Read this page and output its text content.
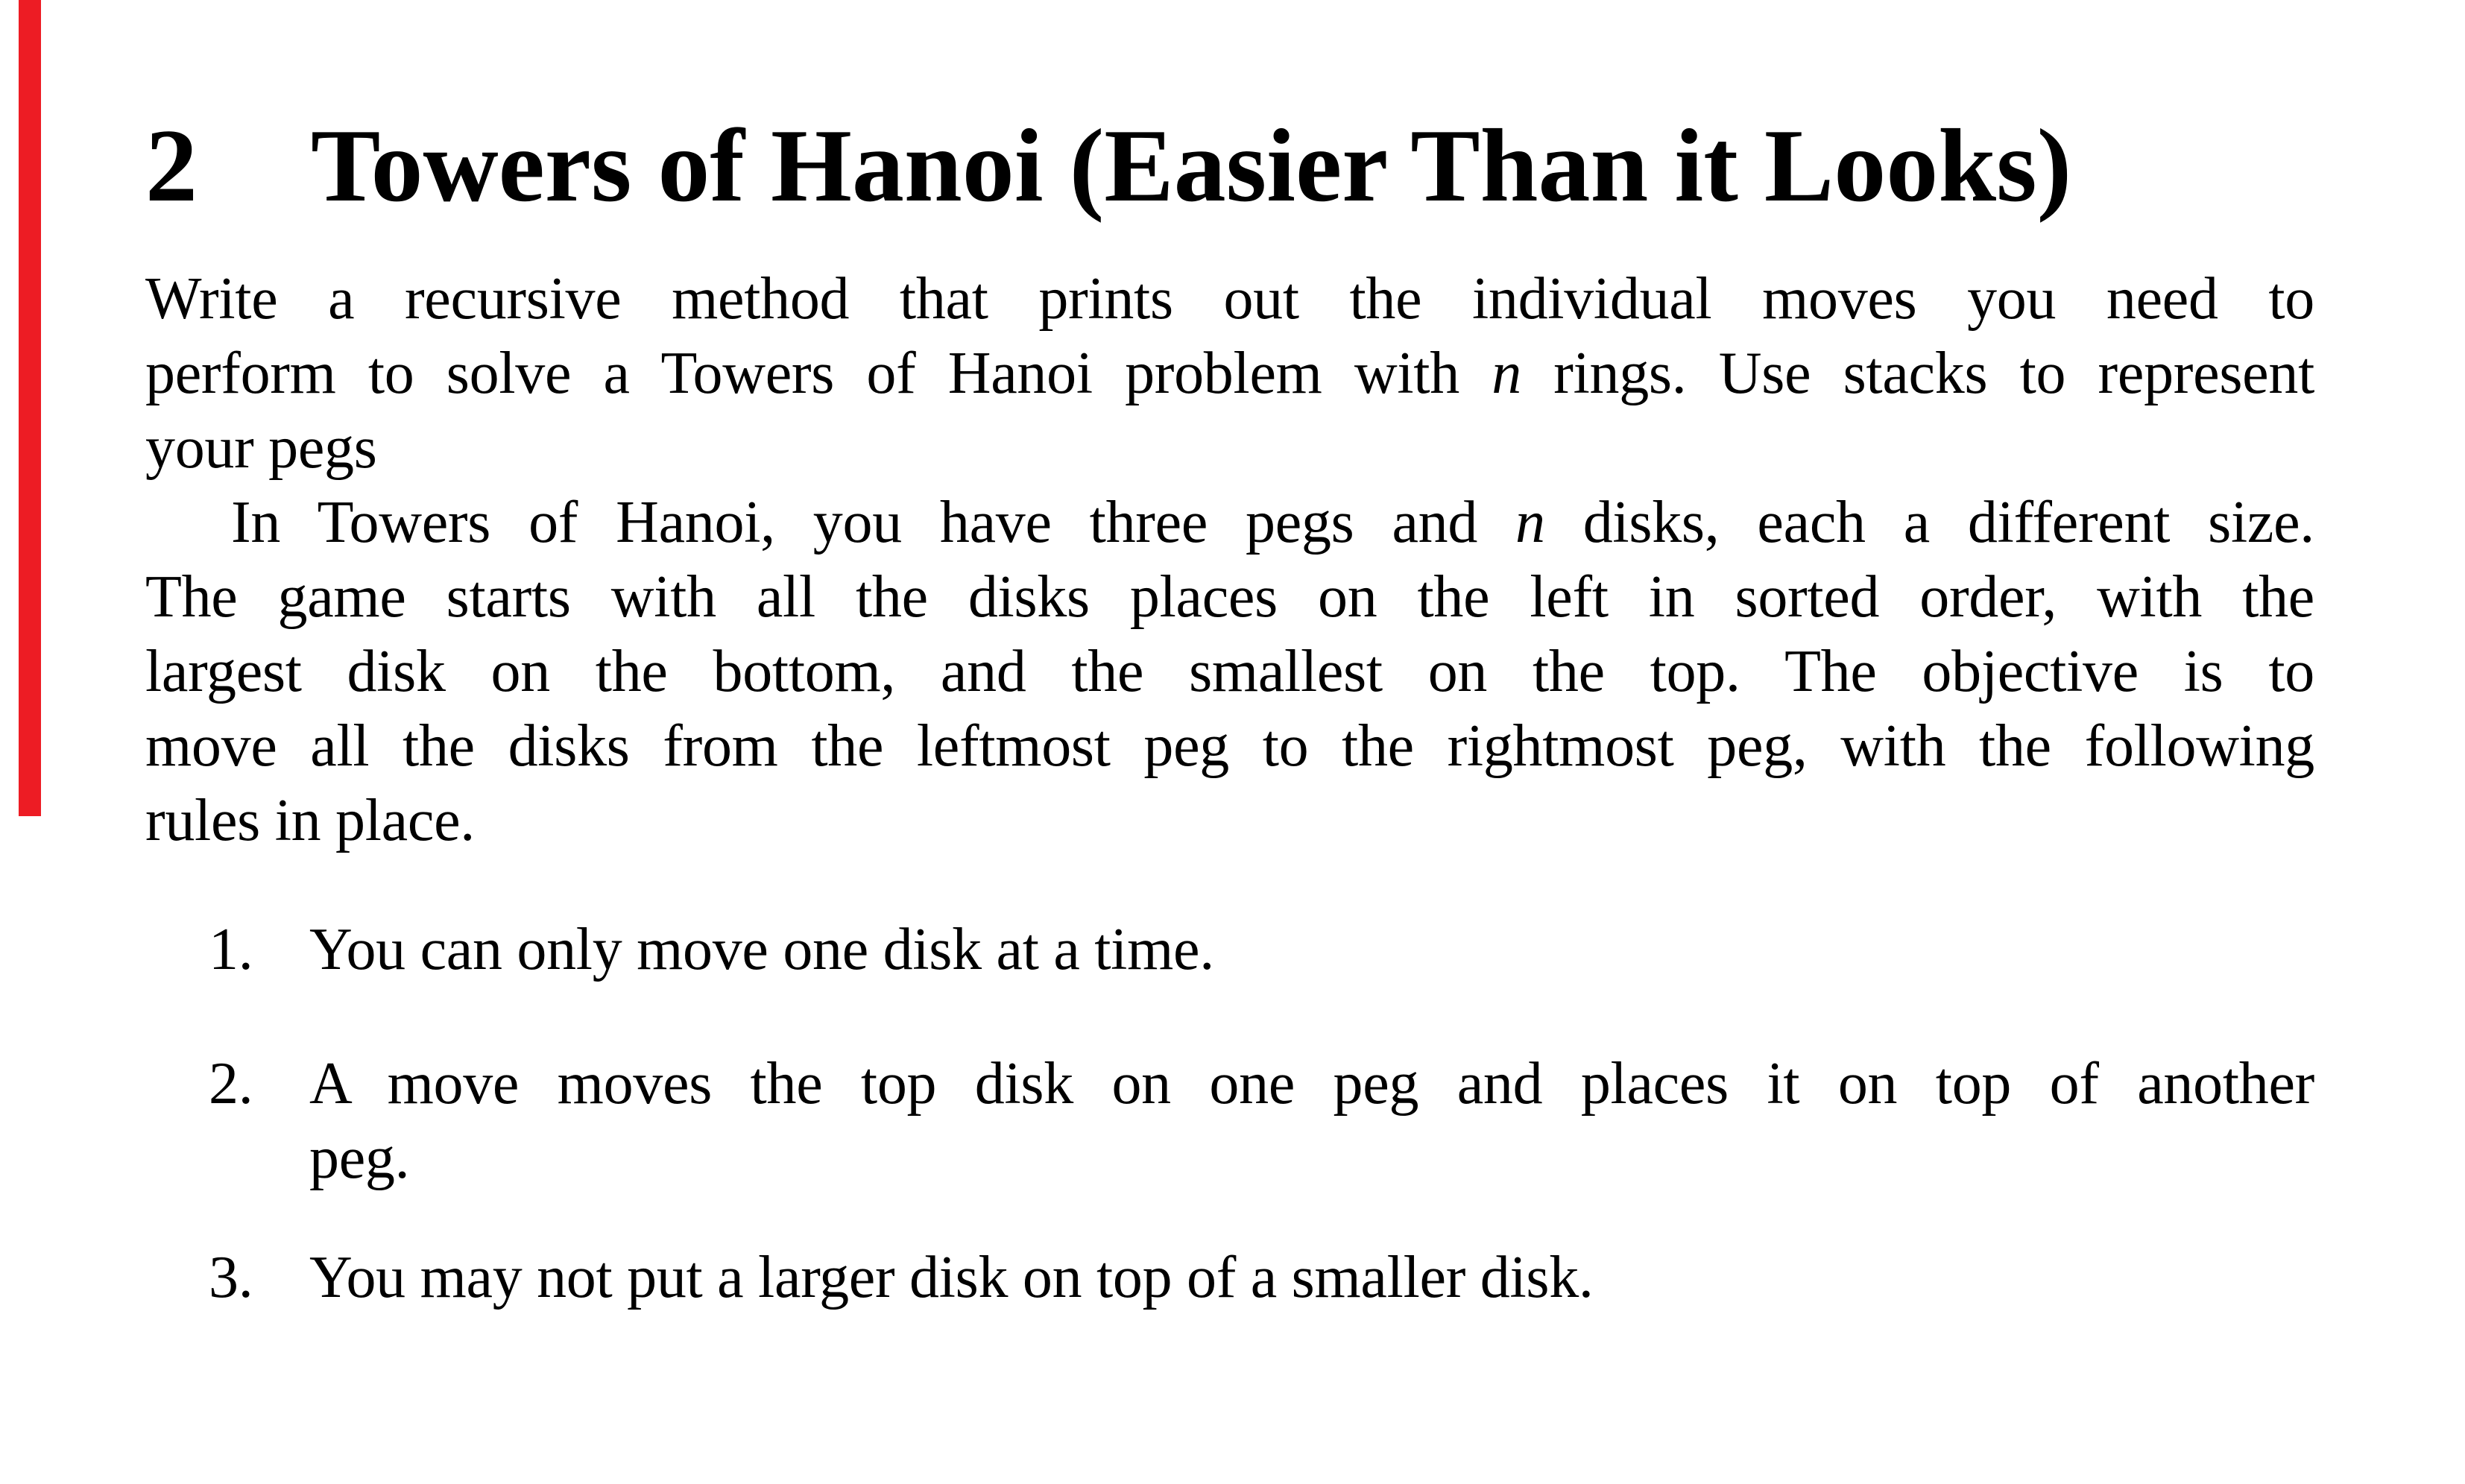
2 Towers of Hanoi (Easier Than it Looks)
Write a recursive method that prints out the individual moves you need to
perform to solve a Towers of Hanoi problem with n rings. Use stacks to represent
your pegs
In Towers of Hanoi, you have three pegs and n disks, each a different size.
The game starts with all the disks places on the left in sorted order, with the
largest disk on the bottom, and the smallest on the top. The objective is to
move all the disks from the leftmost peg to the rightmost peg, with the following
rules in place.
1. You can only move one disk at a time.
2. A move moves the top disk on one peg and places it on top of another
peg.
3. You may not put a larger disk on top of a smaller disk.
